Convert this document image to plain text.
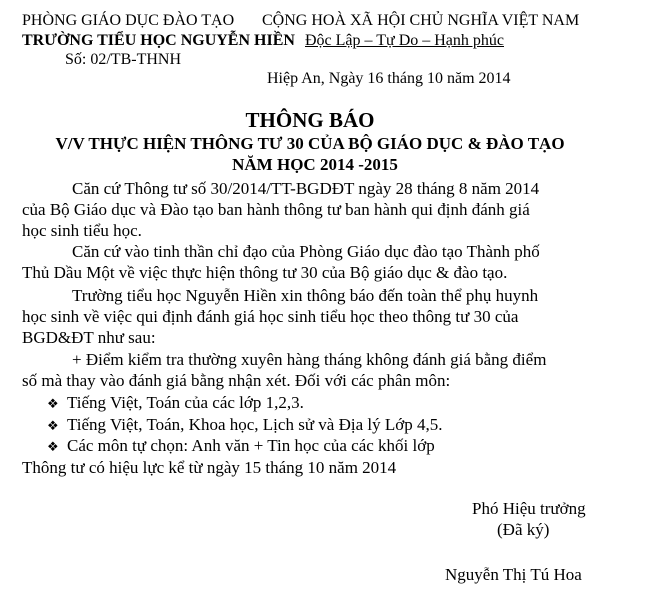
PHÒNG GIÁO DỤC ĐÀO TẠO CỘNG HOÀ XÃ HỘI CHỦ NGHĨA VIỆT NAM
TRƯỜNG TIỂU HỌC NGUYỄN HIỀN Độc Lập – Tự Do – Hạnh phúc
Số: 02/TB-THNH
Hiệp An, Ngày 16 tháng 10 năm 2014
THÔNG BÁO
V/V THỰC HIỆN THÔNG TƯ 30 CỦA BỘ GIÁO DỤC & ĐÀO TẠO
NĂM HỌC 2014 -2015
Căn cứ Thông tư số 30/2014/TT-BGDĐT ngày 28 tháng 8 năm 2014
của Bộ Giáo dục và Đào tạo ban hành thông tư ban hành qui định đánh giá
học sinh tiểu học.
Căn cứ vào tinh thần chỉ đạo của Phòng Giáo dục đào tạo Thành phố
Thủ Dầu Một về việc thực hiện thông tư 30 của Bộ giáo dục & đào tạo.
Trường tiểu học Nguyễn Hiền xin thông báo đến toàn thể phụ huynh
học sinh về việc qui định đánh giá học sinh tiểu học theo thông tư 30 của
BGD&ĐT như sau:
+ Điểm kiểm tra thường xuyên hàng tháng không đánh giá bằng điểm
số mà thay vào đánh giá bằng nhận xét. Đối với các phân môn:
❖ Tiếng Việt, Toán của các lớp 1,2,3.
❖ Tiếng Việt, Toán, Khoa học, Lịch sử và Địa lý Lớp 4,5.
❖ Các môn tự chọn: Anh văn + Tin học của các khối lớp
Thông tư có hiệu lực kể từ ngày 15 tháng 10 năm 2014
Phó Hiệu trưởng
(Đã ký)
Nguyễn Thị Tú Hoa
